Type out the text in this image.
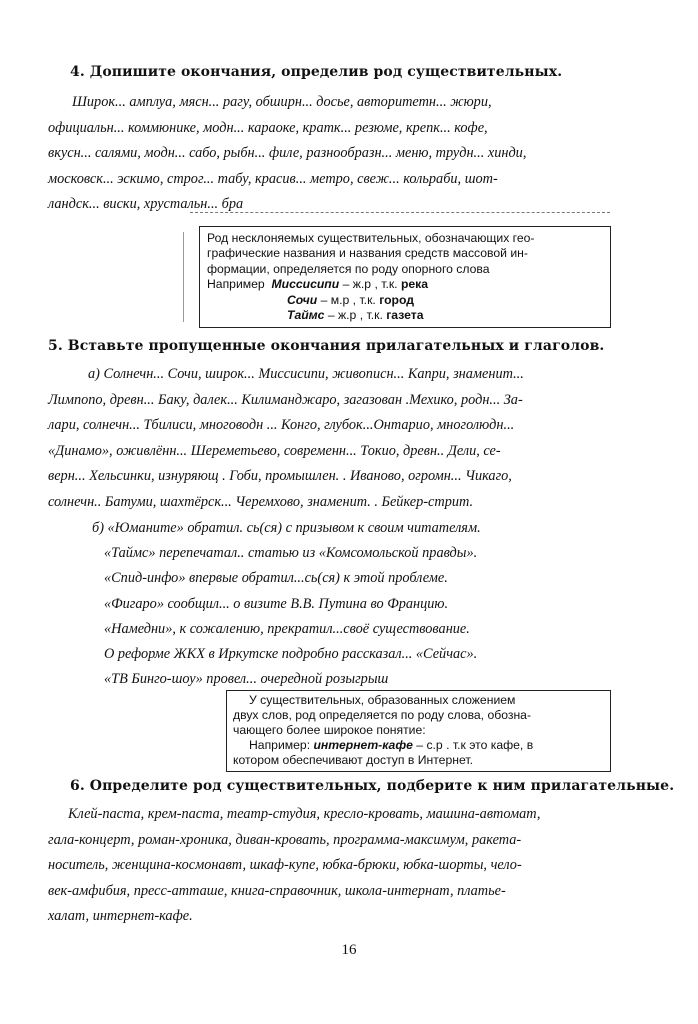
4. Допишите окончания, определив род существительных.
Широк... амплуа, мясн... рагу, обширн... досье, авторитетн... жюри,
официальн... коммюнике, модн... караоке, кратк... резюме, крепк... кофе,
вкусн... салями, модн... сабо, рыбн... филе, разнообразн... меню, трудн... хинди,
московск... эскимо, строг... табу, красив... метро, свеж... кольраби, шот-
ландск... виски, хрустальн... бра
Род несклоняемых существительных, обозначающих гео-
графические названия и названия средств массовой ин-
формации, определяется по роду опорного слова
Например Миссисипи – ж.р , т.к. река
Сочи – м.р , т.к. город
Таймс – ж.р , т.к. газета
5. Вставьте пропущенные окончания прилагательных и глаголов.
а) Солнечн... Сочи, широк... Миссисипи, живописн... Капри, знаменит...
Лимпопо, древн... Баку, далек... Килиманджаро, загазован .Мехико, родн... За-
лари, солнечн... Тбилиси, многоводн ... Конго, глубок...Онтарио, многолюдн...
«Динамо», оживлённ... Шереметьево, современн... Токио, древн.. Дели, се-
верн... Хельсинки, изнуряющ . Гоби, промышлен. . Иваново, огромн... Чикаго,
солнечн.. Батуми, шахтёрск... Черемхово, знаменит. . Бейкер-стрит.
б) «Юманите» обратил. сь(ся) с призывом к своим читателям.
«Таймс» перепечатал.. статью из «Комсомольской правды».
«Спид-инфо» впервые обратил...сь(ся) к этой проблеме.
«Фигаро» сообщил... о визите В.В. Путина во Францию.
«Намедни», к сожалению, прекратил...своё существование.
О реформе ЖКХ в Иркутске подробно рассказал... «Сейчас».
«ТВ Бинго-шоу» провел... очередной розыгрыш
У существительных, образованных сложением
двух слов, род определяется по роду слова, обозна-
чающего более широкое понятие:
Например: интернет-кафе – с.р . т.к это кафе, в
котором обеспечивают доступ в Интернет.
6. Определите род существительных, подберите к ним прилагательные.
Клей-паста, крем-паста, театр-студия, кресло-кровать, машина-автомат,
гала-концерт, роман-хроника, диван-кровать, программа-максимум, ракета-
носитель, женщина-космонавт, шкаф-купе, юбка-брюки, юбка-шорты, чело-
век-амфибия, пресс-атташе, книга-справочник, школа-интернат, платье-
халат, интернет-кафе.
16
